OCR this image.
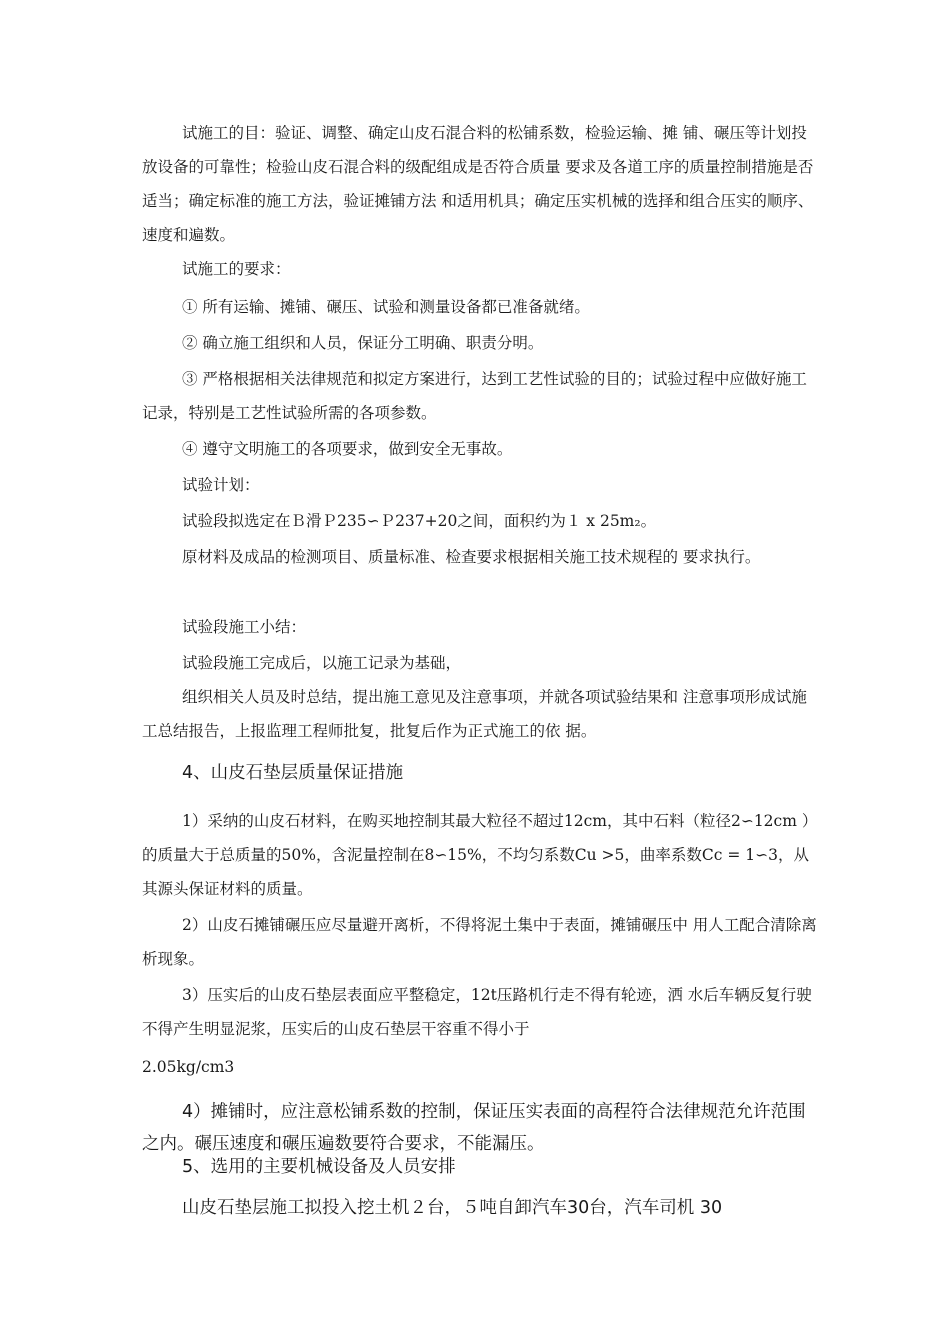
试施工的目：验证、调整、确定山皮石混合料的松铺系数，检验运输、摊 铺、碾压等计划投放设备的可靠性；检验山皮石混合料的级配组成是否符合质量 要求及各道工序的质量控制措施是否适当；确定标准的施工方法，验证摊铺方法 和适用机具；确定压实机械的选择和组合压实的顺序、速度和遍数。

试施工的要求：

① 所有运输、摊铺、碾压、试验和测量设备都已准备就绪。

② 确立施工组织和人员，保证分工明确、职责分明。

③ 严格根据相关法律规范和拟定方案进行，达到工艺性试验的目的；试验过程中应做好施工记录，特别是工艺性试验所需的各项参数。

④ 遵守文明施工的各项要求，做到安全无事故。

试验计划：

试验段拟选定在Ｂ滑Ｐ235∽Ｐ237+20之间，面积约为１ x 25m₂。

原材料及成品的检测项目、质量标准、检查要求根据相关施工技术规程的 要求执行。

试验段施工小结：

试验段施工完成后，以施工记录为基础，

组织相关人员及时总结，提出施工意见及注意事项，并就各项试验结果和 注意事项形成试施工总结报告，上报监理工程师批复，批复后作为正式施工的依 据。

4、山皮石垫层质量保证措施

1）采纳的山皮石材料，在购买地控制其最大粒径不超过12cm，其中石料（粒径2∽12cm ）的质量大于总质量的50%，含泥量控制在8∽15%，不均匀系数Cu >5，曲率系数Cc = 1∽3，从其源头保证材料的质量。

2）山皮石摊铺碾压应尽量避开离析，不得将泥土集中于表面，摊铺碾压中 用人工配合清除离析现象。

3）压实后的山皮石垫层表面应平整稳定，12t压路机行走不得有轮迹，洒 水后车辆反复行驶不得产生明显泥浆，压实后的山皮石垫层干容重不得小于

2.05kg/cm3

4）摊铺时，应注意松铺系数的控制，保证压实表面的高程符合法律规范允许范围之内。碾压速度和碾压遍数要符合要求，不能漏压。

5、选用的主要机械设备及人员安排

山皮石垫层施工拟投入挖土机２台，５吨自卸汽车30台，汽车司机 30
